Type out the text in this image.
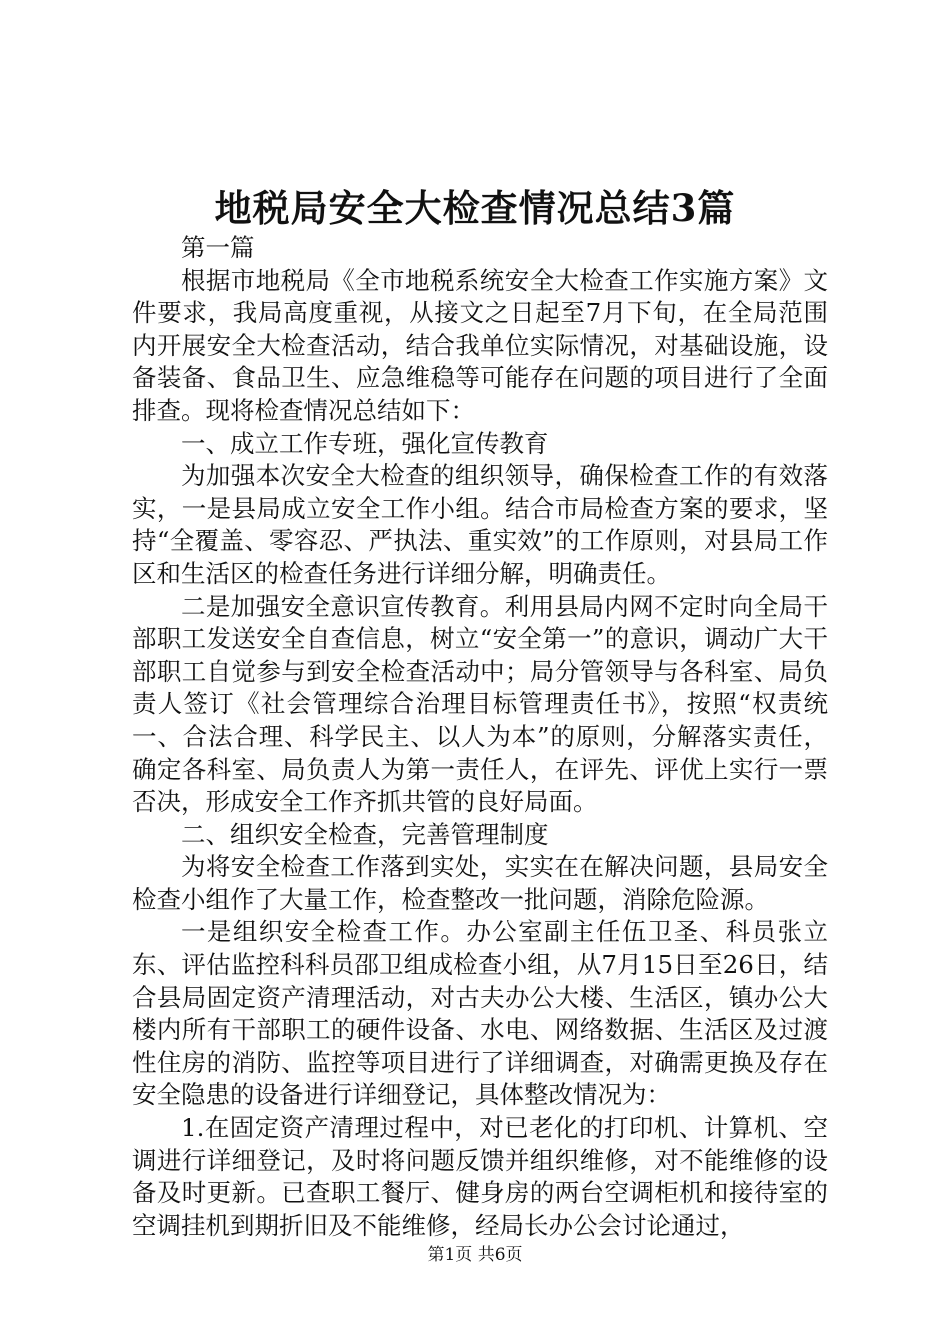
地税局安全大检查情况总结3篇

第一篇

根据市地税局《全市地税系统安全大检查工作实施方案》文件要求，我局高度重视，从接文之日起至7月下旬，在全局范围内开展安全大检查活动，结合我单位实际情况，对基础设施，设备装备、食品卫生、应急维稳等可能存在问题的项目进行了全面排查。现将检查情况总结如下：

一、成立工作专班，强化宣传教育

为加强本次安全大检查的组织领导，确保检查工作的有效落实，一是县局成立安全工作小组。结合市局检查方案的要求，坚持“全覆盖、零容忍、严执法、重实效”的工作原则，对县局工作区和生活区的检查任务进行详细分解，明确责任。

二是加强安全意识宣传教育。利用县局内网不定时向全局干部职工发送安全自查信息，树立“安全第一”的意识，调动广大干部职工自觉参与到安全检查活动中；局分管领导与各科室、局负责人签订《社会管理综合治理目标管理责任书》，按照“权责统一、合法合理、科学民主、以人为本”的原则，分解落实责任，确定各科室、局负责人为第一责任人，在评先、评优上实行一票否决，形成安全工作齐抓共管的良好局面。

二、组织安全检查，完善管理制度

为将安全检查工作落到实处，实实在在解决问题，县局安全检查小组作了大量工作，检查整改一批问题，消除危险源。

一是组织安全检查工作。办公室副主任伍卫圣、科员张立东、评估监控科科员邵卫组成检查小组，从7月15日至26日，结合县局固定资产清理活动，对古夫办公大楼、生活区，镇办公大楼内所有干部职工的硬件设备、水电、网络数据、生活区及过渡性住房的消防、监控等项目进行了详细调查，对确需更换及存在安全隐患的设备进行详细登记，具体整改情况为：

1.在固定资产清理过程中，对已老化的打印机、计算机、空调进行详细登记，及时将问题反馈并组织维修，对不能维修的设备及时更新。已查职工餐厅、健身房的两台空调柜机和接待室的空调挂机到期折旧及不能维修，经局长办公会讨论通过，

第1页 共6页
